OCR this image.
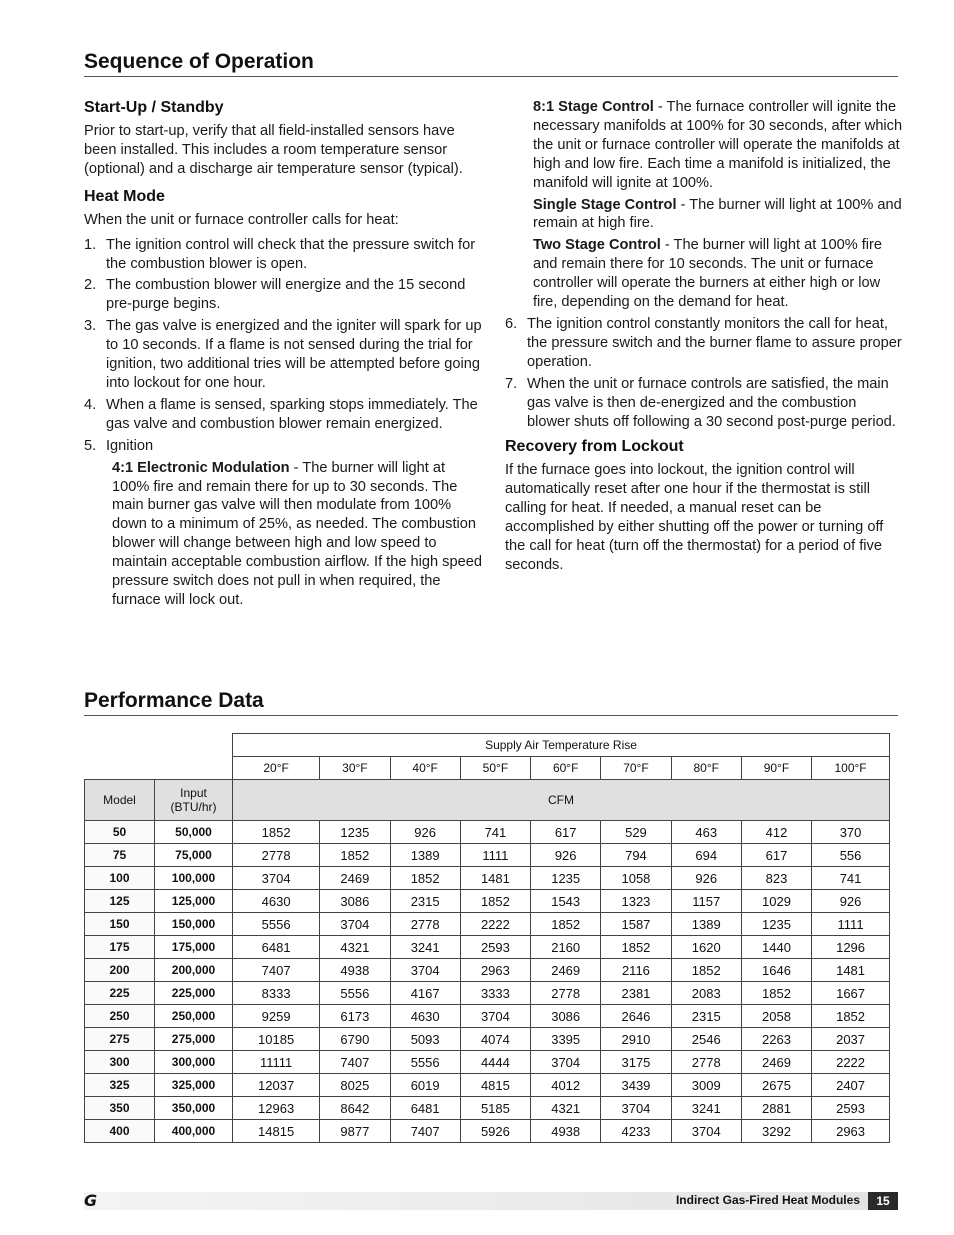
Sequence of Operation
Start-Up / Standby

Prior to start-up, verify that all field-installed sensors have been installed. This includes a room temperature sensor (optional) and a discharge air temperature sensor (typical).

Heat Mode

When the unit or furnace controller calls for heat:

1. The ignition control will check that the pressure switch for the combustion blower is open.
2. The combustion blower will energize and the 15 second pre-purge begins.
3. The gas valve is energized and the igniter will spark for up to 10 seconds. If a flame is not sensed during the trial for ignition, two additional tries will be attempted before going into lockout for one hour.
4. When a flame is sensed, sparking stops immediately. The gas valve and combustion blower remain energized.
5. Ignition
4:1 Electronic Modulation - The burner will light at 100% fire and remain there for up to 30 seconds. The main burner gas valve will then modulate from 100% down to a minimum of 25%, as needed. The combustion blower will change between high and low speed to maintain acceptable combustion airflow. If the high speed pressure switch does not pull in when required, the furnace will lock out.
8:1 Stage Control - The furnace controller will ignite the necessary manifolds at 100% for 30 seconds, after which the unit or furnace controller will operate the manifolds at high and low fire. Each time a manifold is initialized, the manifold will ignite at 100%.
Single Stage Control - The burner will light at 100% and remain at high fire.
Two Stage Control - The burner will light at 100% fire and remain there for 10 seconds. The unit or furnace controller will operate the burners at either high or low fire, depending on the demand for heat.
6. The ignition control constantly monitors the call for heat, the pressure switch and the burner flame to assure proper operation.
7. When the unit or furnace controls are satisfied, the main gas valve is then de-energized and the combustion blower shuts off following a 30 second post-purge period.
Recovery from Lockout

If the furnace goes into lockout, the ignition control will automatically reset after one hour if the thermostat is still calling for heat. If needed, a manual reset can be accomplished by either shutting off the power or turning off the call for heat (turn off the thermostat) for a period of five seconds.

Performance Data
		Supply Air Temperature Rise								
		20°F	30°F	40°F	50°F	60°F	70°F	80°F	90°F	100°F
Model	Input
(BTU/hr)	CFM								
50	50,000	1852	1235	926	741	617	529	463	412	370
75	75,000	2778	1852	1389	1111	926	794	694	617	556
100	100,000	3704	2469	1852	1481	1235	1058	926	823	741
125	125,000	4630	3086	2315	1852	1543	1323	1157	1029	926
150	150,000	5556	3704	2778	2222	1852	1587	1389	1235	1111
175	175,000	6481	4321	3241	2593	2160	1852	1620	1440	1296
200	200,000	7407	4938	3704	2963	2469	2116	1852	1646	1481
225	225,000	8333	5556	4167	3333	2778	2381	2083	1852	1667
250	250,000	9259	6173	4630	3704	3086	2646	2315	2058	1852
275	275,000	10185	6790	5093	4074	3395	2910	2546	2263	2037
300	300,000	11111	7407	5556	4444	3704	3175	2778	2469	2222
325	325,000	12037	8025	6019	4815	4012	3439	3009	2675	2407
350	350,000	12963	8642	6481	5185	4321	3704	3241	2881	2593
400	400,000	14815	9877	7407	5926	4938	4233	3704	3292	2963
G	Indirect Gas-Fired Heat Modules	15
